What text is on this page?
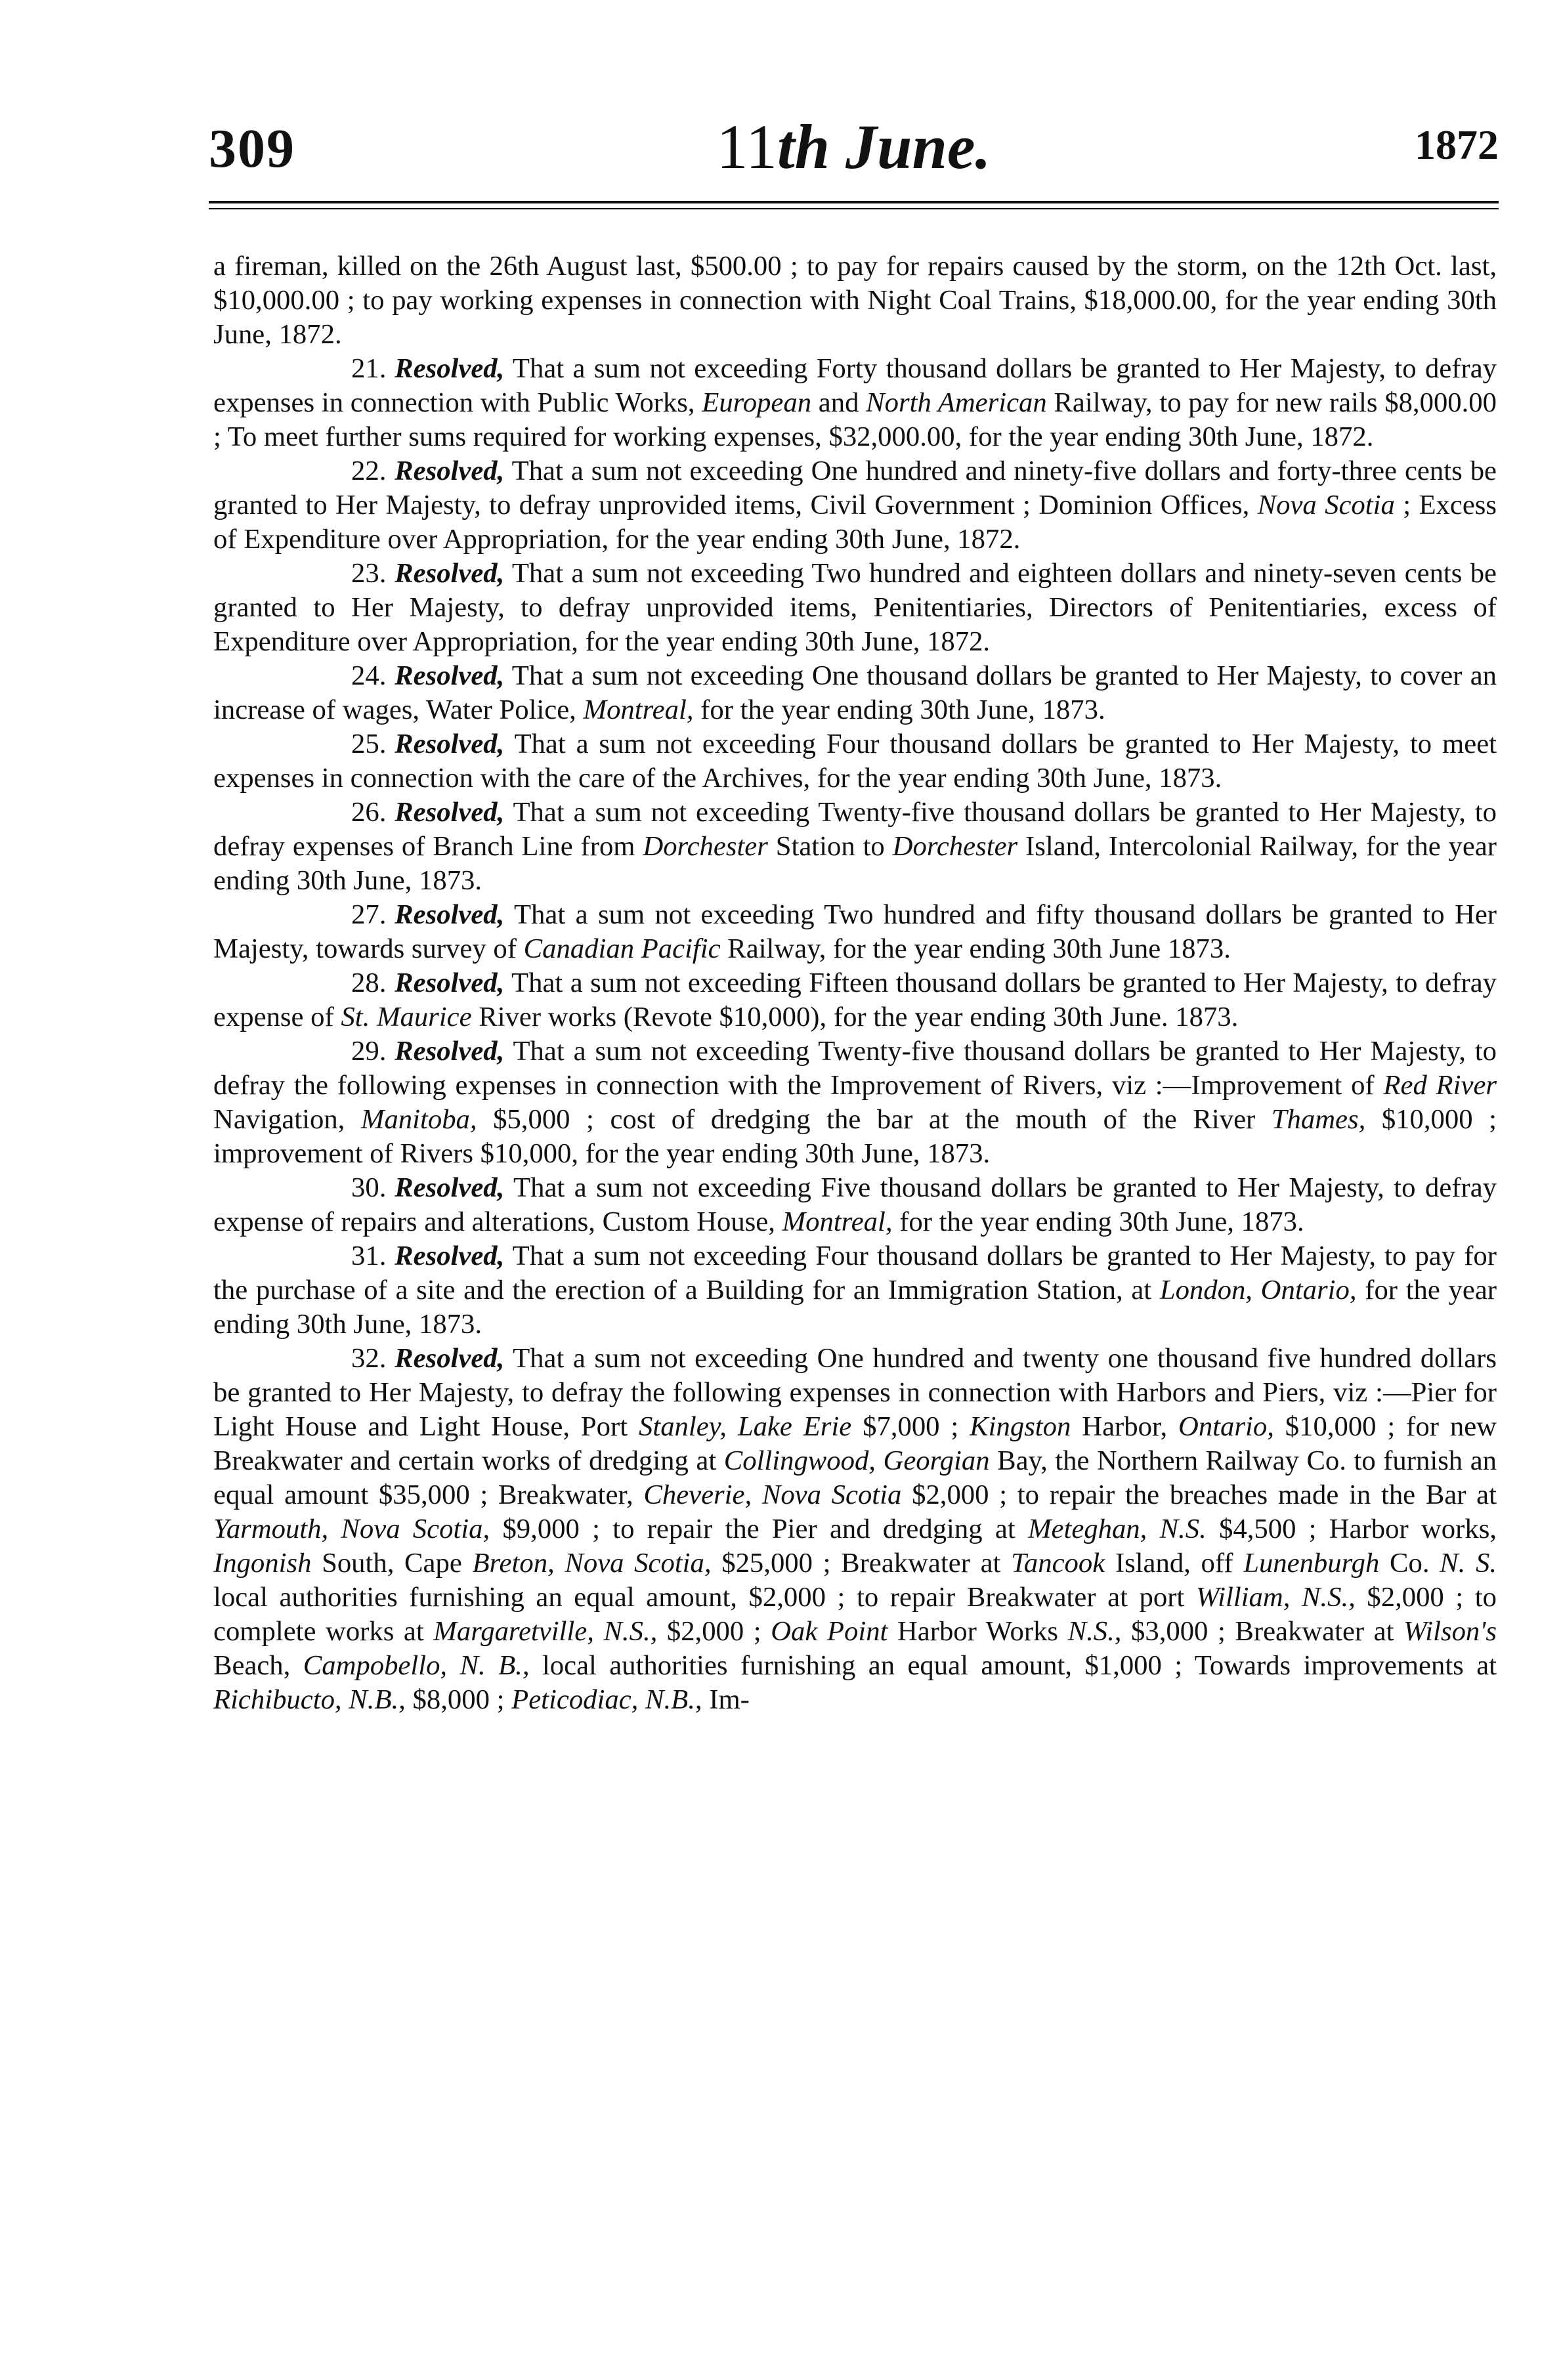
309	11th June.	1872

a fireman, killed on the 26th August last, $500.00 ; to pay for repairs caused by the storm, on the 12th Oct. last, $10,000.00 ; to pay working expenses in connection with Night Coal Trains, $18,000.00, for the year ending 30th June, 1872.

21. Resolved, That a sum not exceeding Forty thousand dollars be granted to Her Majesty, to defray expenses in connection with Public Works, European and North American Railway, to pay for new rails $8,000.00 ; To meet further sums required for working expenses, $32,000.00, for the year ending 30th June, 1872.

22. Resolved, That a sum not exceeding One hundred and ninety-five dollars and forty-three cents be granted to Her Majesty, to defray unprovided items, Civil Government ; Dominion Offices, Nova Scotia ; Excess of Expenditure over Appropriation, for the year ending 30th June, 1872.

23. Resolved, That a sum not exceeding Two hundred and eighteen dollars and ninety-seven cents be granted to Her Majesty, to defray unprovided items, Penitentiaries, Directors of Penitentiaries, excess of Expenditure over Appropriation, for the year ending 30th June, 1872.

24. Resolved, That a sum not exceeding One thousand dollars be granted to Her Majesty, to cover an increase of wages, Water Police, Montreal, for the year ending 30th June, 1873.

25. Resolved, That a sum not exceeding Four thousand dollars be granted to Her Majesty, to meet expenses in connection with the care of the Archives, for the year ending 30th June, 1873.

26. Resolved, That a sum not exceeding Twenty-five thousand dollars be granted to Her Majesty, to defray expenses of Branch Line from Dorchester Station to Dorchester Island, Intercolonial Railway, for the year ending 30th June, 1873.

27. Resolved, That a sum not exceeding Two hundred and fifty thousand dollars be granted to Her Majesty, towards survey of Canadian Pacific Railway, for the year ending 30th June 1873.

28. Resolved, That a sum not exceeding Fifteen thousand dollars be granted to Her Majesty, to defray expense of St. Maurice River works (Revote $10,000), for the year ending 30th June. 1873.

29. Resolved, That a sum not exceeding Twenty-five thousand dollars be granted to Her Majesty, to defray the following expenses in connection with the Improvement of Rivers, viz :—Improvement of Red River Navigation, Manitoba, $5,000 ; cost of dredging the bar at the mouth of the River Thames, $10,000 ; improvement of Rivers $10,000, for the year ending 30th June, 1873.

30. Resolved, That a sum not exceeding Five thousand dollars be granted to Her Majesty, to defray expense of repairs and alterations, Custom House, Montreal, for the year ending 30th June, 1873.

31. Resolved, That a sum not exceeding Four thousand dollars be granted to Her Majesty, to pay for the purchase of a site and the erection of a Building for an Immigration Station, at London, Ontario, for the year ending 30th June, 1873.

32. Resolved, That a sum not exceeding One hundred and twenty one thousand five hundred dollars be granted to Her Majesty, to defray the following expenses in connection with Harbors and Piers, viz :—Pier for Light House and Light House, Port Stanley, Lake Erie $7,000 ; Kingston Harbor, Ontario, $10,000 ; for new Breakwater and certain works of dredging at Collingwood, Georgian Bay, the Northern Railway Co. to furnish an equal amount $35,000 ; Breakwater, Cheverie, Nova Scotia $2,000 ; to repair the breaches made in the Bar at Yarmouth, Nova Scotia, $9,000 ; to repair the Pier and dredging at Meteghan, N.S. $4,500 ; Harbor works, Ingonish South, Cape Breton, Nova Scotia, $25,000 ; Breakwater at Tancook Island, off Lunenburgh Co. N. S. local authorities furnishing an equal amount, $2,000 ; to repair Breakwater at port William, N.S., $2,000 ; to complete works at Margaretville, N.S., $2,000 ; Oak Point Harbor Works N.S., $3,000 ; Breakwater at Wilson's Beach, Campobello, N. B., local authorities furnishing an equal amount, $1,000 ; Towards improvements at Richibucto, N.B., $8,000 ; Peticodiac, N.B., Im-
